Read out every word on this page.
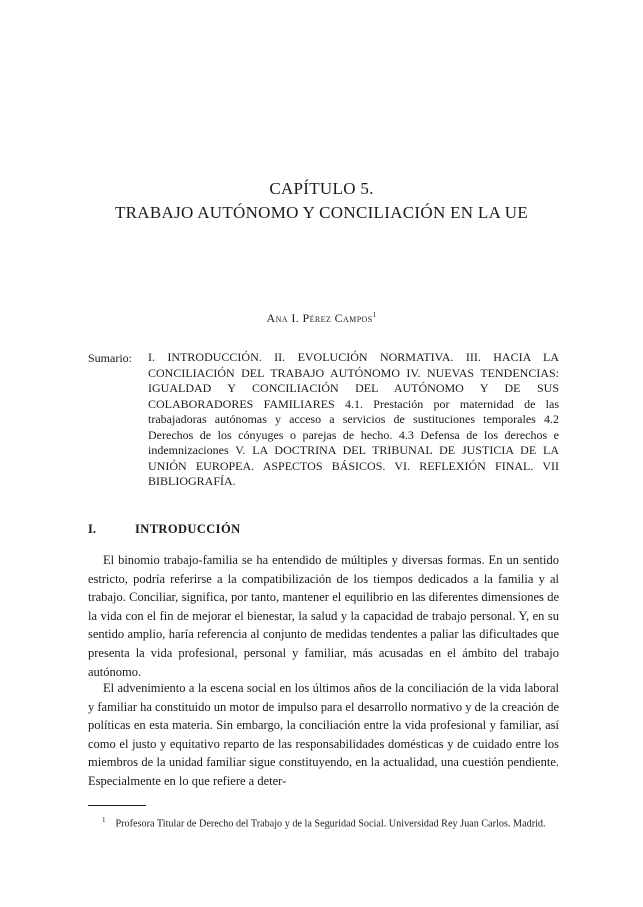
CAPÍTULO 5.
TRABAJO AUTÓNOMO Y CONCILIACIÓN EN LA UE
Ana I. Pérez Campos$^1$
Sumario: I. INTRODUCCIÓN. II. EVOLUCIÓN NORMATIVA. III. HACIA LA CONCILIACIÓN DEL TRABAJO AUTÓNOMO IV. NUEVAS TENDENCIAS: IGUALDAD Y CONCILIACIÓN DEL AUTÓNOMO Y DE SUS COLABORADORES FAMILIARES 4.1. Prestación por maternidad de las trabajadoras autónomas y acceso a servicios de sustituciones temporales 4.2 Derechos de los cónyuges o parejas de hecho. 4.3 Defensa de los derechos e indemnizaciones V. LA DOCTRINA DEL TRIBUNAL DE JUSTICIA DE LA UNIÓN EUROPEA. ASPECTOS BÁSICOS. VI. REFLEXIÓN FINAL. VII BIBLIOGRAFÍA.
I.	INTRODUCCIÓN

El binomio trabajo-familia se ha entendido de múltiples y diversas formas. En un sentido estricto, podría referirse a la compatibilización de los tiempos dedicados a la familia y al trabajo. Conciliar, significa, por tanto, mantener el equilibrio en las diferentes dimensiones de la vida con el fin de mejorar el bienestar, la salud y la capacidad de trabajo personal. Y, en su sentido amplio, haría referencia al conjunto de medidas tendentes a paliar las dificultades que presenta la vida profesional, personal y familiar, más acusadas en el ámbito del trabajo autónomo.

El advenimiento a la escena social en los últimos años de la conciliación de la vida laboral y familiar ha constituido un motor de impulso para el desarrollo normativo y de la creación de políticas en esta materia. Sin embargo, la conciliación entre la vida profesional y familiar, así como el justo y equitativo reparto de las responsabilidades domésticas y de cuidado entre los miembros de la unidad familiar sigue constituyendo, en la actualidad, una cuestión pendiente. Especialmente en lo que refiere a deter-

$^1$ Profesora Titular de Derecho del Trabajo y de la Seguridad Social. Universidad Rey Juan Carlos. Madrid.
